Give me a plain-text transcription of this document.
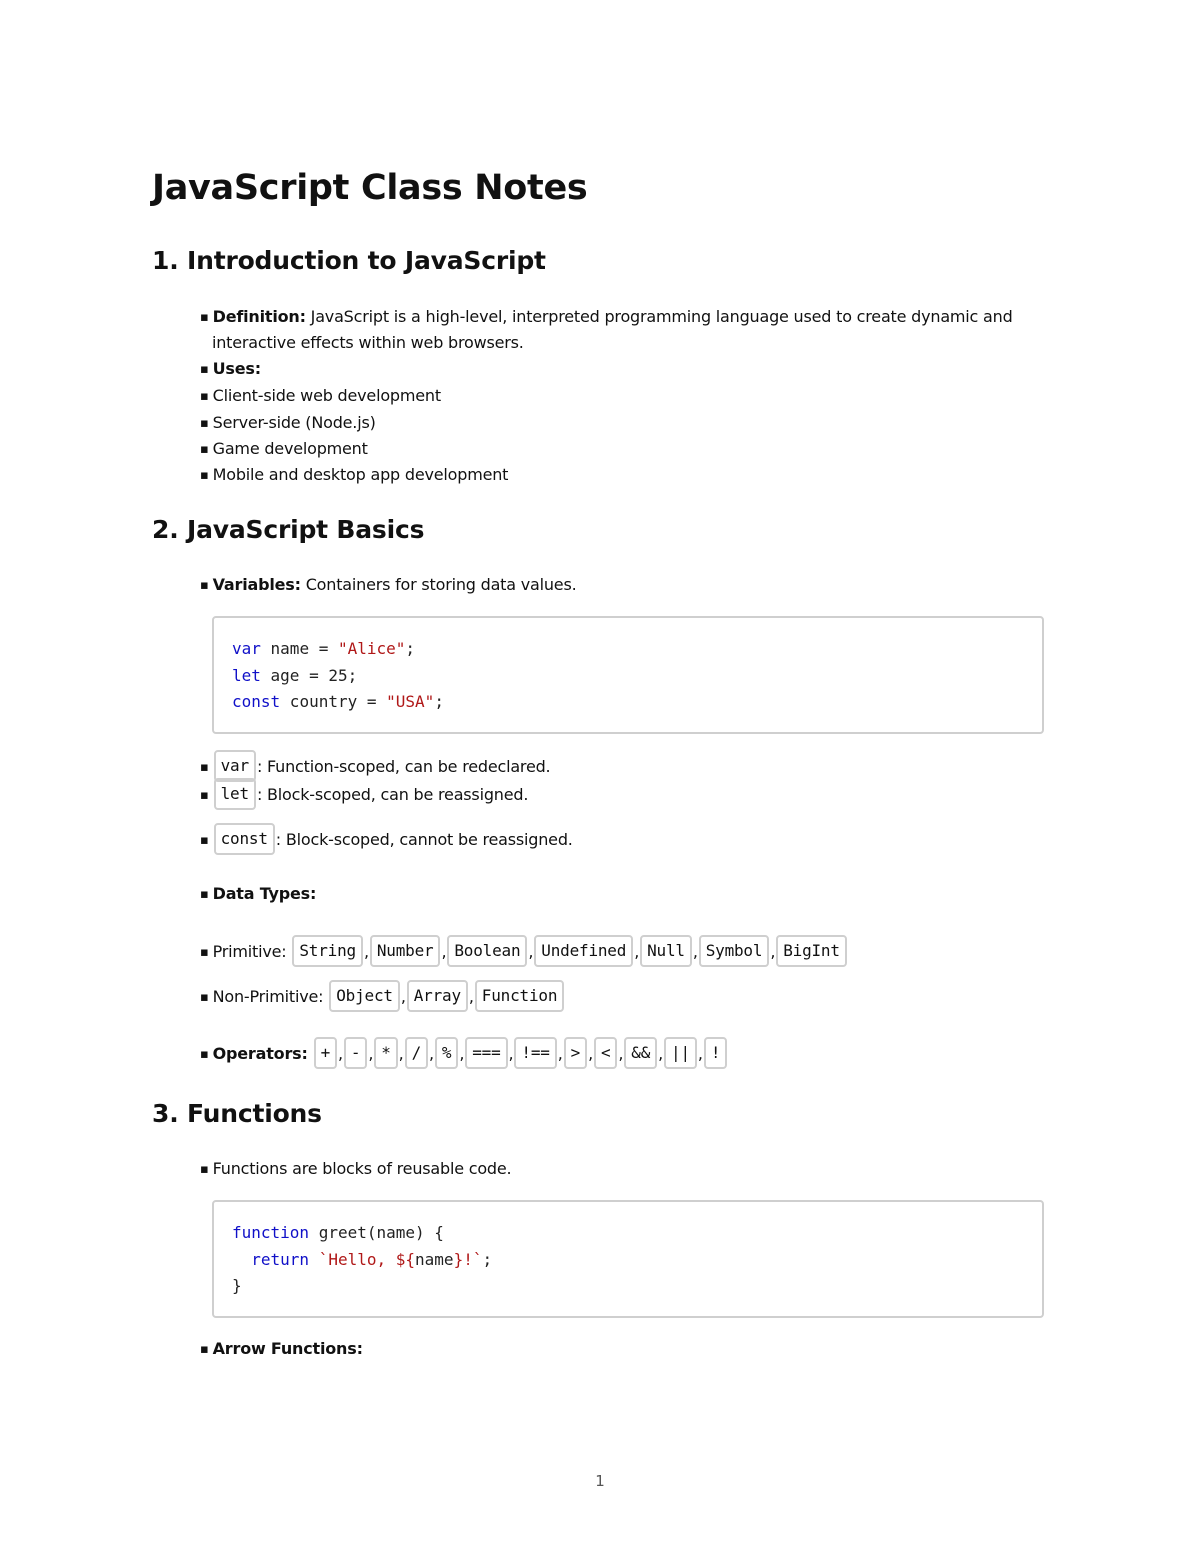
JavaScript Class Notes
1. Introduction to JavaScript
▪ Definition: JavaScript is a high-level, interpreted programming language used to create dynamic and
interactive effects within web browsers.
▪ Uses:
▪ Client-side web development
▪ Server-side (Node.js)
▪ Game development
▪ Mobile and desktop app development
2. JavaScript Basics
▪ Variables: Containers for storing data values.
var name = "Alice";
let age = 25;
const country = "USA";
▪ var : Function-scoped, can be redeclared.
▪ let : Block-scoped, can be reassigned.
▪ const : Block-scoped, cannot be reassigned.
▪ Data Types:
▪ Primitive: String , Number , Boolean , Undefined , Null , Symbol , BigInt
▪ Non-Primitive: Object , Array , Function
▪ Operators: + , - , * , / , % , === , !== , > , < , && , || , !
3. Functions
▪ Functions are blocks of reusable code.
function greet(name) {
return `Hello, ${name}!`;
}
▪ Arrow Functions:
1
